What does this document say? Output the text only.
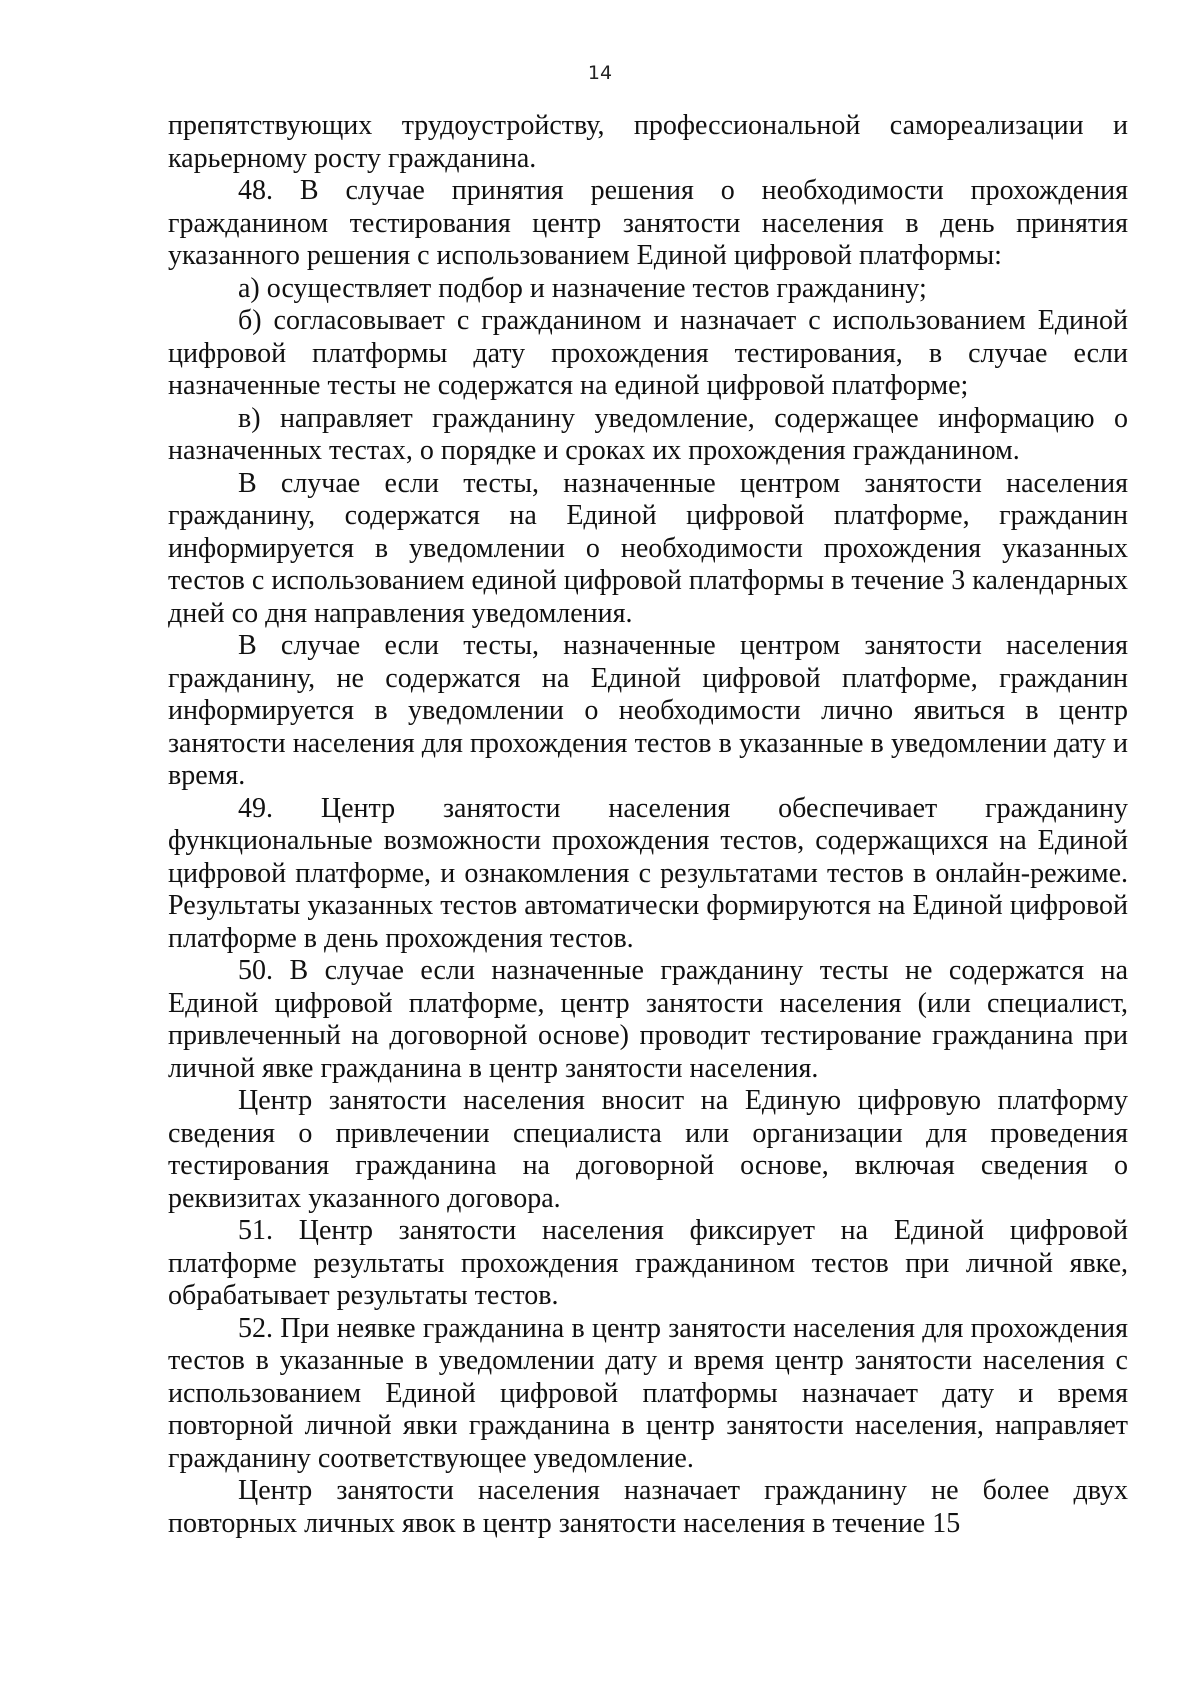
14

препятствующих трудоустройству, профессиональной самореализации и карьерному росту гражданина.

48. В случае принятия решения о необходимости прохождения гражданином тестирования центр занятости населения в день принятия указанного решения с использованием Единой цифровой платформы:

а) осуществляет подбор и назначение тестов гражданину;

б) согласовывает с гражданином и назначает с использованием Единой цифровой платформы дату прохождения тестирования, в случае если назначенные тесты не содержатся на единой цифровой платформе;

в) направляет гражданину уведомление, содержащее информацию о назначенных тестах, о порядке и сроках их прохождения гражданином.

В случае если тесты, назначенные центром занятости населения гражданину, содержатся на Единой цифровой платформе, гражданин информируется в уведомлении о необходимости прохождения указанных тестов с использованием единой цифровой платформы в течение 3 календарных дней со дня направления уведомления.

В случае если тесты, назначенные центром занятости населения гражданину, не содержатся на Единой цифровой платформе, гражданин информируется в уведомлении о необходимости лично явиться в центр занятости населения для прохождения тестов в указанные в уведомлении дату и время.

49. Центр занятости населения обеспечивает гражданину функциональные возможности прохождения тестов, содержащихся на Единой цифровой платформе, и ознакомления с результатами тестов в онлайн-режиме. Результаты указанных тестов автоматически формируются на Единой цифровой платформе в день прохождения тестов.

50. В случае если назначенные гражданину тесты не содержатся на Единой цифровой платформе, центр занятости населения (или специалист, привлеченный на договорной основе) проводит тестирование гражданина при личной явке гражданина в центр занятости населения.

Центр занятости населения вносит на Единую цифровую платформу сведения о привлечении специалиста или организации для проведения тестирования гражданина на договорной основе, включая сведения о реквизитах указанного договора.

51. Центр занятости населения фиксирует на Единой цифровой платформе результаты прохождения гражданином тестов при личной явке, обрабатывает результаты тестов.

52. При неявке гражданина в центр занятости населения для прохождения тестов в указанные в уведомлении дату и время центр занятости населения с использованием Единой цифровой платформы назначает дату и время повторной личной явки гражданина в центр занятости населения, направляет гражданину соответствующее уведомление.

Центр занятости населения назначает гражданину не более двух повторных личных явок в центр занятости населения в течение 15
